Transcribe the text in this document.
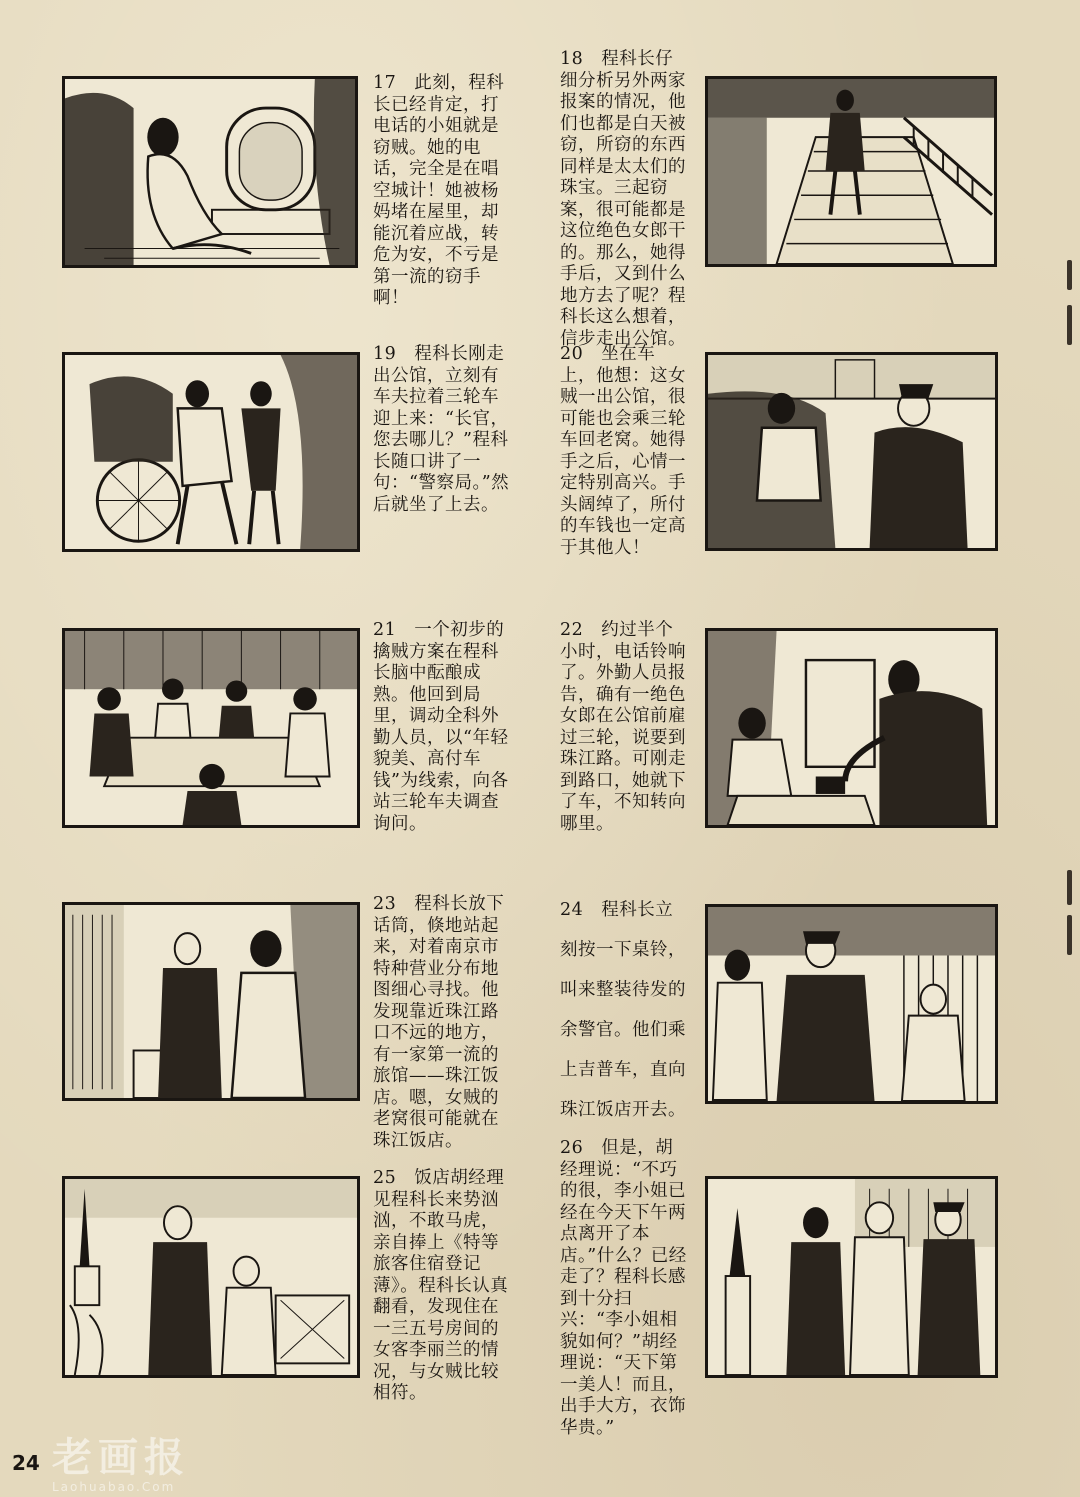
17　此刻，程科长已经肯定，打电话的小姐就是窃贼。她的电话，完全是在唱空城计！她被杨妈堵在屋里，却能沉着应战，转危为安，不亏是第一流的窃手啊！
18　程科长仔细分析另外两家报案的情况，他们也都是白天被窃，所窃的东西同样是太太们的珠宝。三起窃案，很可能都是这位绝色女郎干的。那么，她得手后，又到什么地方去了呢？程科长这么想着，信步走出公馆。
19　程科长刚走出公馆，立刻有车夫拉着三轮车迎上来：“长官，您去哪儿？”程科长随口讲了一句：“警察局。”然后就坐了上去。
20　坐在车上，他想：这女贼一出公馆，很可能也会乘三轮车回老窝。她得手之后，心情一定特别高兴。手头阔绰了，所付的车钱也一定高于其他人！
21　一个初步的擒贼方案在程科长脑中酝酿成熟。他回到局里，调动全科外勤人员，以“年轻貌美、高付车钱”为线索，向各站三轮车夫调查询问。
22　约过半个小时，电话铃响了。外勤人员报告，确有一绝色女郎在公馆前雇过三轮，说要到珠江路。可刚走到路口，她就下了车，不知转向哪里。
23　程科长放下话筒，倏地站起来，对着南京市特种营业分布地图细心寻找。他发现靠近珠江路口不远的地方，有一家第一流的旅馆——珠江饭店。嗯，女贼的老窝很可能就在珠江饭店。
24　程科长立刻按一下桌铃，叫来整装待发的余警官。他们乘上吉普车，直向珠江饭店开去。
25　饭店胡经理见程科长来势汹汹，不敢马虎，亲自捧上《特等旅客住宿登记薄》。程科长认真翻看，发现住在一三五号房间的女客李丽兰的情况，与女贼比较相符。
26　但是，胡经理说：“不巧的很，李小姐已经在今天下午两点离开了本店。”什么？已经走了？程科长感到十分扫兴：“李小姐相貌如何？”胡经理说：“天下第一美人！而且，出手大方，衣饰华贵。”
24 老画报
Laohuabao.Com
